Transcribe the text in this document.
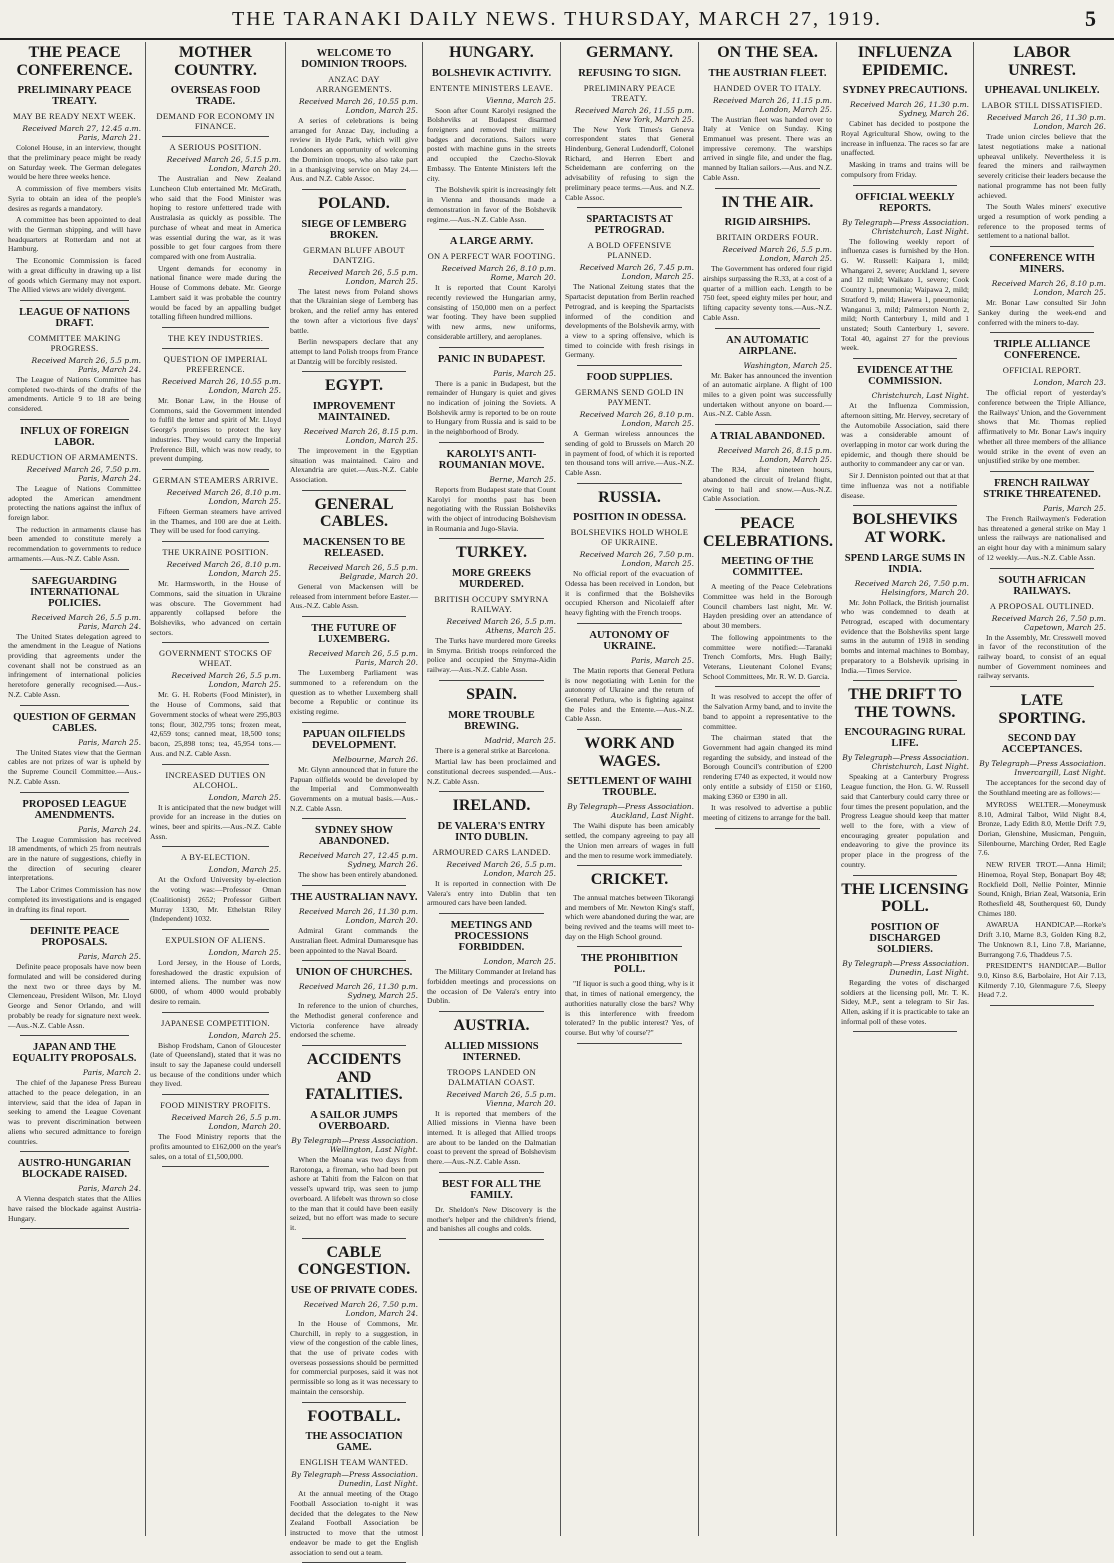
THE TARANAKI DAILY NEWS. THURSDAY, MARCH 27, 1919.	5
THE PEACE CONFERENCE.
PRELIMINARY PEACE TREATY.
MAY BE READY NEXT WEEK.
Received March 27, 12.45 a.m. Paris, March 21.

Colonel House, in an interview, thought that the preliminary peace might be ready on Saturday week. The German delegates would be here three weeks hence.

A commission of five members visits Syria to obtain an idea of the people's desires as regards a mandatory.

A committee has been appointed to deal with the German shipping, and will have headquarters at Rotterdam and not at Hamburg.

The Economic Commission is faced with a great difficulty in drawing up a list of goods which Germany may not export. The Allied views are widely divergent.

LEAGUE OF NATIONS DRAFT.
COMMITTEE MAKING PROGRESS.
Received March 26, 5.5 p.m. Paris, March 24.

The League of Nations Committee has completed two-thirds of the drafts of the amendments. Article 9 to 18 are being considered.

INFLUX OF FOREIGN LABOR.
REDUCTION OF ARMAMENTS.
Received March 26, 7.50 p.m. Paris, March 24.

The League of Nations Committee adopted the American amendment protecting the nations against the influx of foreign labor.

The reduction in armaments clause has been amended to constitute merely a recommendation to governments to reduce armaments.—Aus.-N.Z. Cable Assn.

SAFEGUARDING INTERNATIONAL POLICIES.
Received March 26, 5.5 p.m. Paris, March 24.

The United States delegation agreed to the amendment in the League of Nations providing that agreements under the covenant shall not be construed as an infringement of international policies heretofore generally recognised.—Aus.-N.Z. Cable Assn.

QUESTION OF GERMAN CABLES.
Paris, March 25.

The United States view that the German cables are not prizes of war is upheld by the Supreme Council Committee.—Aus.-N.Z. Cable Assn.

PROPOSED LEAGUE AMENDMENTS.
Paris, March 24.

The League Commission has received 18 amendments, of which 25 from neutrals are in the nature of suggestions, chiefly in the direction of securing clearer interpretations.

The Labor Crimes Commission has now completed its investigations and is engaged in drafting its final report.

DEFINITE PEACE PROPOSALS.
Paris, March 25.

Definite peace proposals have now been formulated and will be considered during the next two or three days by M. Clemenceau, President Wilson, Mr. Lloyd George and Senor Orlando, and will probably be ready for signature next week.—Aus.-N.Z. Cable Assn.

JAPAN AND THE EQUALITY PROPOSALS.
Paris, March 2.

The chief of the Japanese Press Bureau attached to the peace delegation, in an interview, said that the idea of Japan in seeking to amend the League Covenant was to prevent discrimination between aliens who secured admittance to foreign countries.

AUSTRO-HUNGARIAN BLOCKADE RAISED.
Paris, March 24.

A Vienna despatch states that the Allies have raised the blockade against Austria-Hungary.

MOTHER COUNTRY.
OVERSEAS FOOD TRADE.
DEMAND FOR ECONOMY IN FINANCE.
A SERIOUS POSITION.
Received March 26, 5.15 p.m. London, March 20.

The Australian and New Zealand Luncheon Club entertained Mr. McGrath, who said that the Food Minister was hoping to restore unfettered trade with Australasia as quickly as possible. The purchase of wheat and meat in America was essential during the war, as it was possible to get four cargoes from there compared with one from Australia.

Urgent demands for economy in national finance were made during the House of Commons debate. Mr. George Lambert said it was probable the country would be faced by an appalling budget totalling fifteen hundred millions.

THE KEY INDUSTRIES.
QUESTION OF IMPERIAL PREFERENCE.
Received March 26, 10.55 p.m. London, March 25.

Mr. Bonar Law, in the House of Commons, said the Government intended to fulfil the letter and spirit of Mr. Lloyd George's promises to protect the key industries. They would carry the Imperial Preference Bill, which was now ready, to prevent dumping.

GERMAN STEAMERS ARRIVE.
Received March 26, 8.10 p.m. London, March 25.

Fifteen German steamers have arrived in the Thames, and 100 are due at Leith. They will be used for food carrying.

THE UKRAINE POSITION.
Received March 26, 8.10 p.m. London, March 25.

Mr. Harmsworth, in the House of Commons, said the situation in Ukraine was obscure. The Government had apparently collapsed before the Bolsheviks, who advanced on certain sectors.

GOVERNMENT STOCKS OF WHEAT.
Received March 26, 5.5 p.m. London, March 25.

Mr. G. H. Roberts (Food Minister), in the House of Commons, said that Government stocks of wheat were 295,803 tons; flour, 302,795 tons; frozen meat, 42,659 tons; canned meat, 18,500 tons; bacon, 25,898 tons; tea, 45,954 tons.—Aus. and N.Z. Cable Assn.

INCREASED DUTIES ON ALCOHOL.
London, March 25.

It is anticipated that the new budget will provide for an increase in the duties on wines, beer and spirits.—Aus.-N.Z. Cable Assn.

A BY-ELECTION.
London, March 25.

At the Oxford University by-election the voting was:—Professor Oman (Coalitionist) 2652; Professor Gilbert Murray 1330, Mr. Ethelstan Riley (Independent) 1032.

EXPULSION OF ALIENS.
London, March 25.

Lord Jersey, in the House of Lords, foreshadowed the drastic expulsion of interned aliens. The number was now 6000, of whom 4000 would probably desire to remain.

JAPANESE COMPETITION.
London, March 25.

Bishop Frodsham, Canon of Gloucester (late of Queensland), stated that it was no insult to say the Japanese could undersell us because of the conditions under which they lived.

FOOD MINISTRY PROFITS.
Received March 26, 5.5 p.m. London, March 20.

The Food Ministry reports that the profits amounted to £162,000 on the year's sales, on a total of £1,500,000.

WELCOME TO DOMINION TROOPS.
ANZAC DAY ARRANGEMENTS.
Received March 26, 10.55 p.m. London, March 25.

A series of celebrations is being arranged for Anzac Day, including a review in Hyde Park, which will give Londoners an opportunity of welcoming the Dominion troops, who also take part in a thanksgiving service on May 24.—Aus. and N.Z. Cable Assoc.

POLAND.
SIEGE OF LEMBERG BROKEN.
GERMAN BLUFF ABOUT DANTZIG.
Received March 26, 5.5 p.m. London, March 25.

The latest news from Poland shows that the Ukrainian siege of Lemberg has broken, and the relief army has entered the town after a victorious five days' battle.

Berlin newspapers declare that any attempt to land Polish troops from France at Dantzig will be forcibly resisted.

EGYPT.
IMPROVEMENT MAINTAINED.
Received March 26, 8.15 p.m. London, March 25.

The improvement in the Egyptian situation was maintained. Cairo and Alexandria are quiet.—Aus.-N.Z. Cable Association.

GENERAL CABLES.
MACKENSEN TO BE RELEASED.
Received March 26, 5.5 p.m. Belgrade, March 20.

General von Mackensen will be released from internment before Easter.—Aus.-N.Z. Cable Assn.

THE FUTURE OF LUXEMBERG.
Received March 26, 5.5 p.m. Paris, March 20.

The Luxemberg Parliament was summoned to a referendum on the question as to whether Luxemberg shall become a Republic or continue its existing regime.

PAPUAN OILFIELDS DEVELOPMENT.
Melbourne, March 26.

Mr. Glynn announced that in future the Papuan oilfields would be developed by the Imperial and Commonwealth Governments on a mutual basis.—Aus.-N.Z. Cable Assn.

SYDNEY SHOW ABANDONED.
Received March 27, 12.45 p.m. Sydney, March 26.

The show has been entirely abandoned.

THE AUSTRALIAN NAVY.
Received March 26, 11.30 p.m. London, March 20.

Admiral Grant commands the Australian fleet. Admiral Dumaresque has been appointed to the Naval Board.

UNION OF CHURCHES.
Received March 26, 11.30 p.m. Sydney, March 25.

In reference to the union of churches, the Methodist general conference and Victoria conference have already endorsed the scheme.

ACCIDENTS AND FATALITIES.
A SAILOR JUMPS OVERBOARD.
By Telegraph—Press Association. Wellington, Last Night.

When the Moana was two days from Rarotonga, a fireman, who had been put ashore at Tahiti from the Falcon on that vessel's upward trip, was seen to jump overboard. A lifebelt was thrown so close to the man that it could have been easily seized, but no effort was made to secure it.

CABLE CONGESTION.
USE OF PRIVATE CODES.
Received March 26, 7.50 p.m. London, March 24.

In the House of Commons, Mr. Churchill, in reply to a suggestion, in view of the congestion of the cable lines, that the use of private codes with overseas possessions should be permitted for commercial purposes, said it was not permissible so long as it was necessary to maintain the censorship.

FOOTBALL.
THE ASSOCIATION GAME.
ENGLISH TEAM WANTED.
By Telegraph—Press Association. Dunedin, Last Night.

At the annual meeting of the Otago Football Association to-night it was decided that the delegates to the New Zealand Football Association be instructed to move that the utmost endeavor be made to get the English association to send out a team.

HUNGARY.
BOLSHEVIK ACTIVITY.
ENTENTE MINISTERS LEAVE.
Vienna, March 25.

Soon after Count Karolyi resigned the Bolsheviks at Budapest disarmed foreigners and removed their military badges and decorations. Sailors were posted with machine guns in the streets and occupied the Czecho-Slovak Embassy. The Entente Ministers left the city.

The Bolshevik spirit is increasingly felt in Vienna and thousands made a demonstration in favor of the Bolshevik regime.—Aus.-N.Z. Cable Assn.

A LARGE ARMY.
ON A PERFECT WAR FOOTING.
Received March 26, 8.10 p.m. Rome, March 20.

It is reported that Count Karolyi recently reviewed the Hungarian army, consisting of 150,000 men on a perfect war footing. They have been supplied with new arms, new uniforms, considerable artillery, and aeroplanes.

PANIC IN BUDAPEST.
Paris, March 25.

There is a panic in Budapest, but the remainder of Hungary is quiet and gives no indication of joining the Soviets. A Bolshevik army is reported to be on route to Hungary from Russia and is said to be in the neighborhood of Brody.

KAROLYI'S ANTI-ROUMANIAN MOVE.
Berne, March 25.

Reports from Budapest state that Count Karolyi for months past has been negotiating with the Russian Bolsheviks with the object of introducing Bolshevism in Roumania and Jugo-Slavia.

TURKEY.
MORE GREEKS MURDERED.
BRITISH OCCUPY SMYRNA RAILWAY.
Received March 26, 5.5 p.m. Athens, March 25.

The Turks have murdered more Greeks in Smyrna. British troops reinforced the police and occupied the Smyrna-Aidin railway.—Aus.-N.Z. Cable Assn.

SPAIN.
MORE TROUBLE BREWING.
Madrid, March 25.

There is a general strike at Barcelona.

Martial law has been proclaimed and constitutional decrees suspended.—Aus.-N.Z. Cable Assn.

IRELAND.
DE VALERA'S ENTRY INTO DUBLIN.
ARMOURED CARS LANDED.
Received March 26, 5.5 p.m. London, March 25.

It is reported in connection with De Valera's entry into Dublin that ten armoured cars have been landed.

MEETINGS AND PROCESSIONS FORBIDDEN.
London, March 25.

The Military Commander at Ireland has forbidden meetings and processions on the occasion of De Valera's entry into Dublin.

AUSTRIA.
ALLIED MISSIONS INTERNED.
TROOPS LANDED ON DALMATIAN COAST.
Received March 26, 5.5 p.m. Vienna, March 20.

It is reported that members of the Allied missions in Vienna have been interned. It is alleged that Allied troops are about to be landed on the Dalmatian coast to prevent the spread of Bolshevism there.—Aus.-N.Z. Cable Assn.

BEST FOR ALL THE FAMILY.

Dr. Sheldon's New Discovery is the mother's helper and the children's friend, and banishes all coughs and colds.

GERMANY.
REFUSING TO SIGN.
PRELIMINARY PEACE TREATY.
Received March 26, 11.55 p.m. New York, March 25.

The New York Times's Geneva correspondent states that General Hindenburg, General Ludendorff, Colonel Richard, and Herren Ebert and Scheidemann are conferring on the advisability of refusing to sign the preliminary peace terms.—Aus. and N.Z. Cable Assoc.

SPARTACISTS AT PETROGRAD.
A BOLD OFFENSIVE PLANNED.
Received March 26, 7.45 p.m. London, March 25.

The National Zeitung states that the Spartacist deputation from Berlin reached Petrograd, and is keeping the Spartacists informed of the condition and developments of the Bolshevik army, with a view to a spring offensive, which is timed to coincide with fresh risings in Germany.

FOOD SUPPLIES.
GERMANS SEND GOLD IN PAYMENT.
Received March 26, 8.10 p.m. London, March 25.

A German wireless announces the sending of gold to Brussels on March 20 in payment of food, of which it is reported ten thousand tons will arrive.—Aus.-N.Z. Cable Assn.

RUSSIA.
POSITION IN ODESSA.
BOLSHEVIKS HOLD WHOLE OF UKRAINE.
Received March 26, 7.50 p.m. London, March 25.

No official report of the evacuation of Odessa has been received in London, but it is confirmed that the Bolsheviks occupied Kherson and Nicolaieff after heavy fighting with the French troops.

AUTONOMY OF UKRAINE.
Paris, March 25.

The Matin reports that General Petlura is now negotiating with Lenin for the autonomy of Ukraine and the return of General Petlura, who is fighting against the Poles and the Entente.—Aus.-N.Z. Cable Assn.

WORK AND WAGES.
SETTLEMENT OF WAIHI TROUBLE.
By Telegraph—Press Association. Auckland, Last Night.

The Waihi dispute has been amicably settled, the company agreeing to pay all the Union men arrears of wages in full and the men to resume work immediately.

CRICKET.

The annual matches between Tikorangi and members of Mr. Newton King's staff, which were abandoned during the war, are being revived and the teams will meet to-day on the High School ground.

THE PROHIBITION POLL.

"If liquor is such a good thing, why is it that, in times of national emergency, the authorities naturally close the bars? Why is this interference with freedom tolerated? In the public interest? Yes, of course. But why 'of course'?"

ON THE SEA.
THE AUSTRIAN FLEET.
HANDED OVER TO ITALY.
Received March 26, 11.15 p.m. London, March 25.

The Austrian fleet was handed over to Italy at Venice on Sunday. King Emmanuel was present. There was an impressive ceremony. The warships arrived in single file, and under the flag, manned by Italian sailors.—Aus. and N.Z. Cable Assn.

IN THE AIR.
RIGID AIRSHIPS.
BRITAIN ORDERS FOUR.
Received March 26, 5.5 p.m. London, March 25.

The Government has ordered four rigid airships surpassing the R.33, at a cost of a quarter of a million each. Length to be 750 feet, speed eighty miles per hour, and lifting capacity seventy tons.—Aus.-N.Z. Cable Assn.

AN AUTOMATIC AIRPLANE.
Washington, March 25.

Mr. Baker has announced the invention of an automatic airplane. A flight of 100 miles to a given point was successfully undertaken without anyone on board.—Aus.-N.Z. Cable Assn.

A TRIAL ABANDONED.
Received March 26, 8.15 p.m. London, March 25.

The R34, after nineteen hours, abandoned the circuit of Ireland flight, owing to hail and snow.—Aus.-N.Z. Cable Association.

PEACE CELEBRATIONS.
MEETING OF THE COMMITTEE.

A meeting of the Peace Celebrations Committee was held in the Borough Council chambers last night, Mr. W. Hayden presiding over an attendance of about 30 members.

The following appointments to the committee were notified:—Taranaki Trench Comforts, Mrs. Hugh Baily; Veterans, Lieutenant Colonel Evans; School Committees, Mr. R. W. D. Garcia.

It was resolved to accept the offer of the Salvation Army band, and to invite the band to appoint a representative to the committee.

The chairman stated that the Government had again changed its mind regarding the subsidy, and instead of the Borough Council's contribution of £200 rendering £740 as expected, it would now only entitle a subsidy of £150 or £160, making £360 or £390 in all.

It was resolved to advertise a public meeting of citizens to arrange for the ball.

INFLUENZA EPIDEMIC.
SYDNEY PRECAUTIONS.
Received March 26, 11.30 p.m. Sydney, March 26.

Cabinet has decided to postpone the Royal Agricultural Show, owing to the increase in influenza. The races so far are unaffected.

Masking in trams and trains will be compulsory from Friday.

OFFICIAL WEEKLY REPORTS.
By Telegraph—Press Association. Christchurch, Last Night.

The following weekly report of influenza cases is furnished by the Hon. G. W. Russell: Kaipara 1, mild; Whangarei 2, severe; Auckland 1, severe and 12 mild; Waikato 1, severe; Cook Country 1, pneumonia; Waipawa 2, mild; Stratford 9, mild; Hawera 1, pneumonia; Wanganui 3, mild; Palmerston North 2, mild; North Canterbury 1, mild and 1 unstated; South Canterbury 1, severe. Total 40, against 27 for the previous week.

EVIDENCE AT THE COMMISSION.
Christchurch, Last Night.

At the Influenza Commission, afternoon sitting, Mr. Hervey, secretary of the Automobile Association, said there was a considerable amount of overlapping in motor car work during the epidemic, and though there should be authority to commandeer any car or van.

Sir J. Denniston pointed out that at that time influenza was not a notifiable disease.

BOLSHEVIKS AT WORK.
SPEND LARGE SUMS IN INDIA.
Received March 26, 7.50 p.m. Helsingfors, March 20.

Mr. John Pollack, the British journalist who was condemned to death at Petrograd, escaped with documentary evidence that the Bolsheviks spent large sums in the autumn of 1918 in sending bombs and internal machines to Bombay, preparatory to a Bolshevik uprising in India.—Times Service.

THE DRIFT TO THE TOWNS.
ENCOURAGING RURAL LIFE.
By Telegraph—Press Association. Christchurch, Last Night.

Speaking at a Canterbury Progress League function, the Hon. G. W. Russell said that Canterbury could carry three or four times the present population, and the Progress League should keep that matter well to the fore, with a view of encouraging greater population and endeavoring to give the province its proper place in the progress of the country.

THE LICENSING POLL.
POSITION OF DISCHARGED SOLDIERS.
By Telegraph—Press Association. Dunedin, Last Night.

Regarding the votes of discharged soldiers at the licensing poll, Mr. T. K. Sidey, M.P., sent a telegram to Sir Jas. Allen, asking if it is practicable to take an informal poll of these votes.

LABOR UNREST.
UPHEAVAL UNLIKELY.
LABOR STILL DISSATISFIED.
Received March 26, 11.30 p.m. London, March 26.

Trade union circles believe that the latest negotiations make a national upheaval unlikely. Nevertheless it is feared the miners and railwaymen severely criticise their leaders because the national programme has not been fully achieved.

The South Wales miners' executive urged a resumption of work pending a reference to the proposed terms of settlement to a national ballot.

CONFERENCE WITH MINERS.
Received March 26, 8.10 p.m. London, March 25.

Mr. Bonar Law consulted Sir John Sankey during the week-end and conferred with the miners to-day.

TRIPLE ALLIANCE CONFERENCE.
OFFICIAL REPORT.
London, March 23.

The official report of yesterday's conference between the Triple Alliance, the Railways' Union, and the Government shows that Mr. Thomas replied affirmatively to Mr. Bonar Law's inquiry whether all three members of the alliance would strike in the event of even an unjustified strike by one member.

FRENCH RAILWAY STRIKE THREATENED.
Paris, March 25.

The French Railwaymen's Federation has threatened a general strike on May 1 unless the railways are nationalised and an eight hour day with a minimum salary of 12 weekly.—Aus.-N.Z. Cable Assn.

SOUTH AFRICAN RAILWAYS.
A PROPOSAL OUTLINED.
Received March 26, 7.50 p.m. Capetown, March 25.

In the Assembly, Mr. Cresswell moved in favor of the reconstitution of the railway board, to consist of an equal number of Government nominees and railway servants.

LATE SPORTING.
SECOND DAY ACCEPTANCES.
By Telegraph—Press Association. Invercargill, Last Night.

The acceptances for the second day of the Southland meeting are as follows:—

MYROSS WELTER.—Moneymusk 8.10, Admiral Talbot, Wild Night 8.4, Bronze, Lady Edith 8.0, Mettle Drift 7.9, Dorian, Glenshine, Musicman, Penguin, Silenbourne, Marching Order, Red Eagle 7.6.

NEW RIVER TROT.—Anna Himil; Hinemoa, Royal Step, Bonapart Boy 48; Rockfield Doll, Nellie Pointer, Minnie Sound, Knigh, Brian Zeal, Watsonia, Erin Rothesfield 48, Southerquest 60, Dundy Chimes 180.

AWARUA HANDICAP.—Rorke's Drift 3.10, Marne 8.3, Golden King 8.2, The Unknown 8.1, Lino 7.8, Marianne, Burrangong 7.6, Thaddeus 7.5.

PRESIDENT'S HANDICAP.—Bullor 9.0, Kinso 8.6, Barbolaire, Hot Air 7.13, Kilmerdy 7.10, Glenmagure 7.6, Sleepy Head 7.2.
